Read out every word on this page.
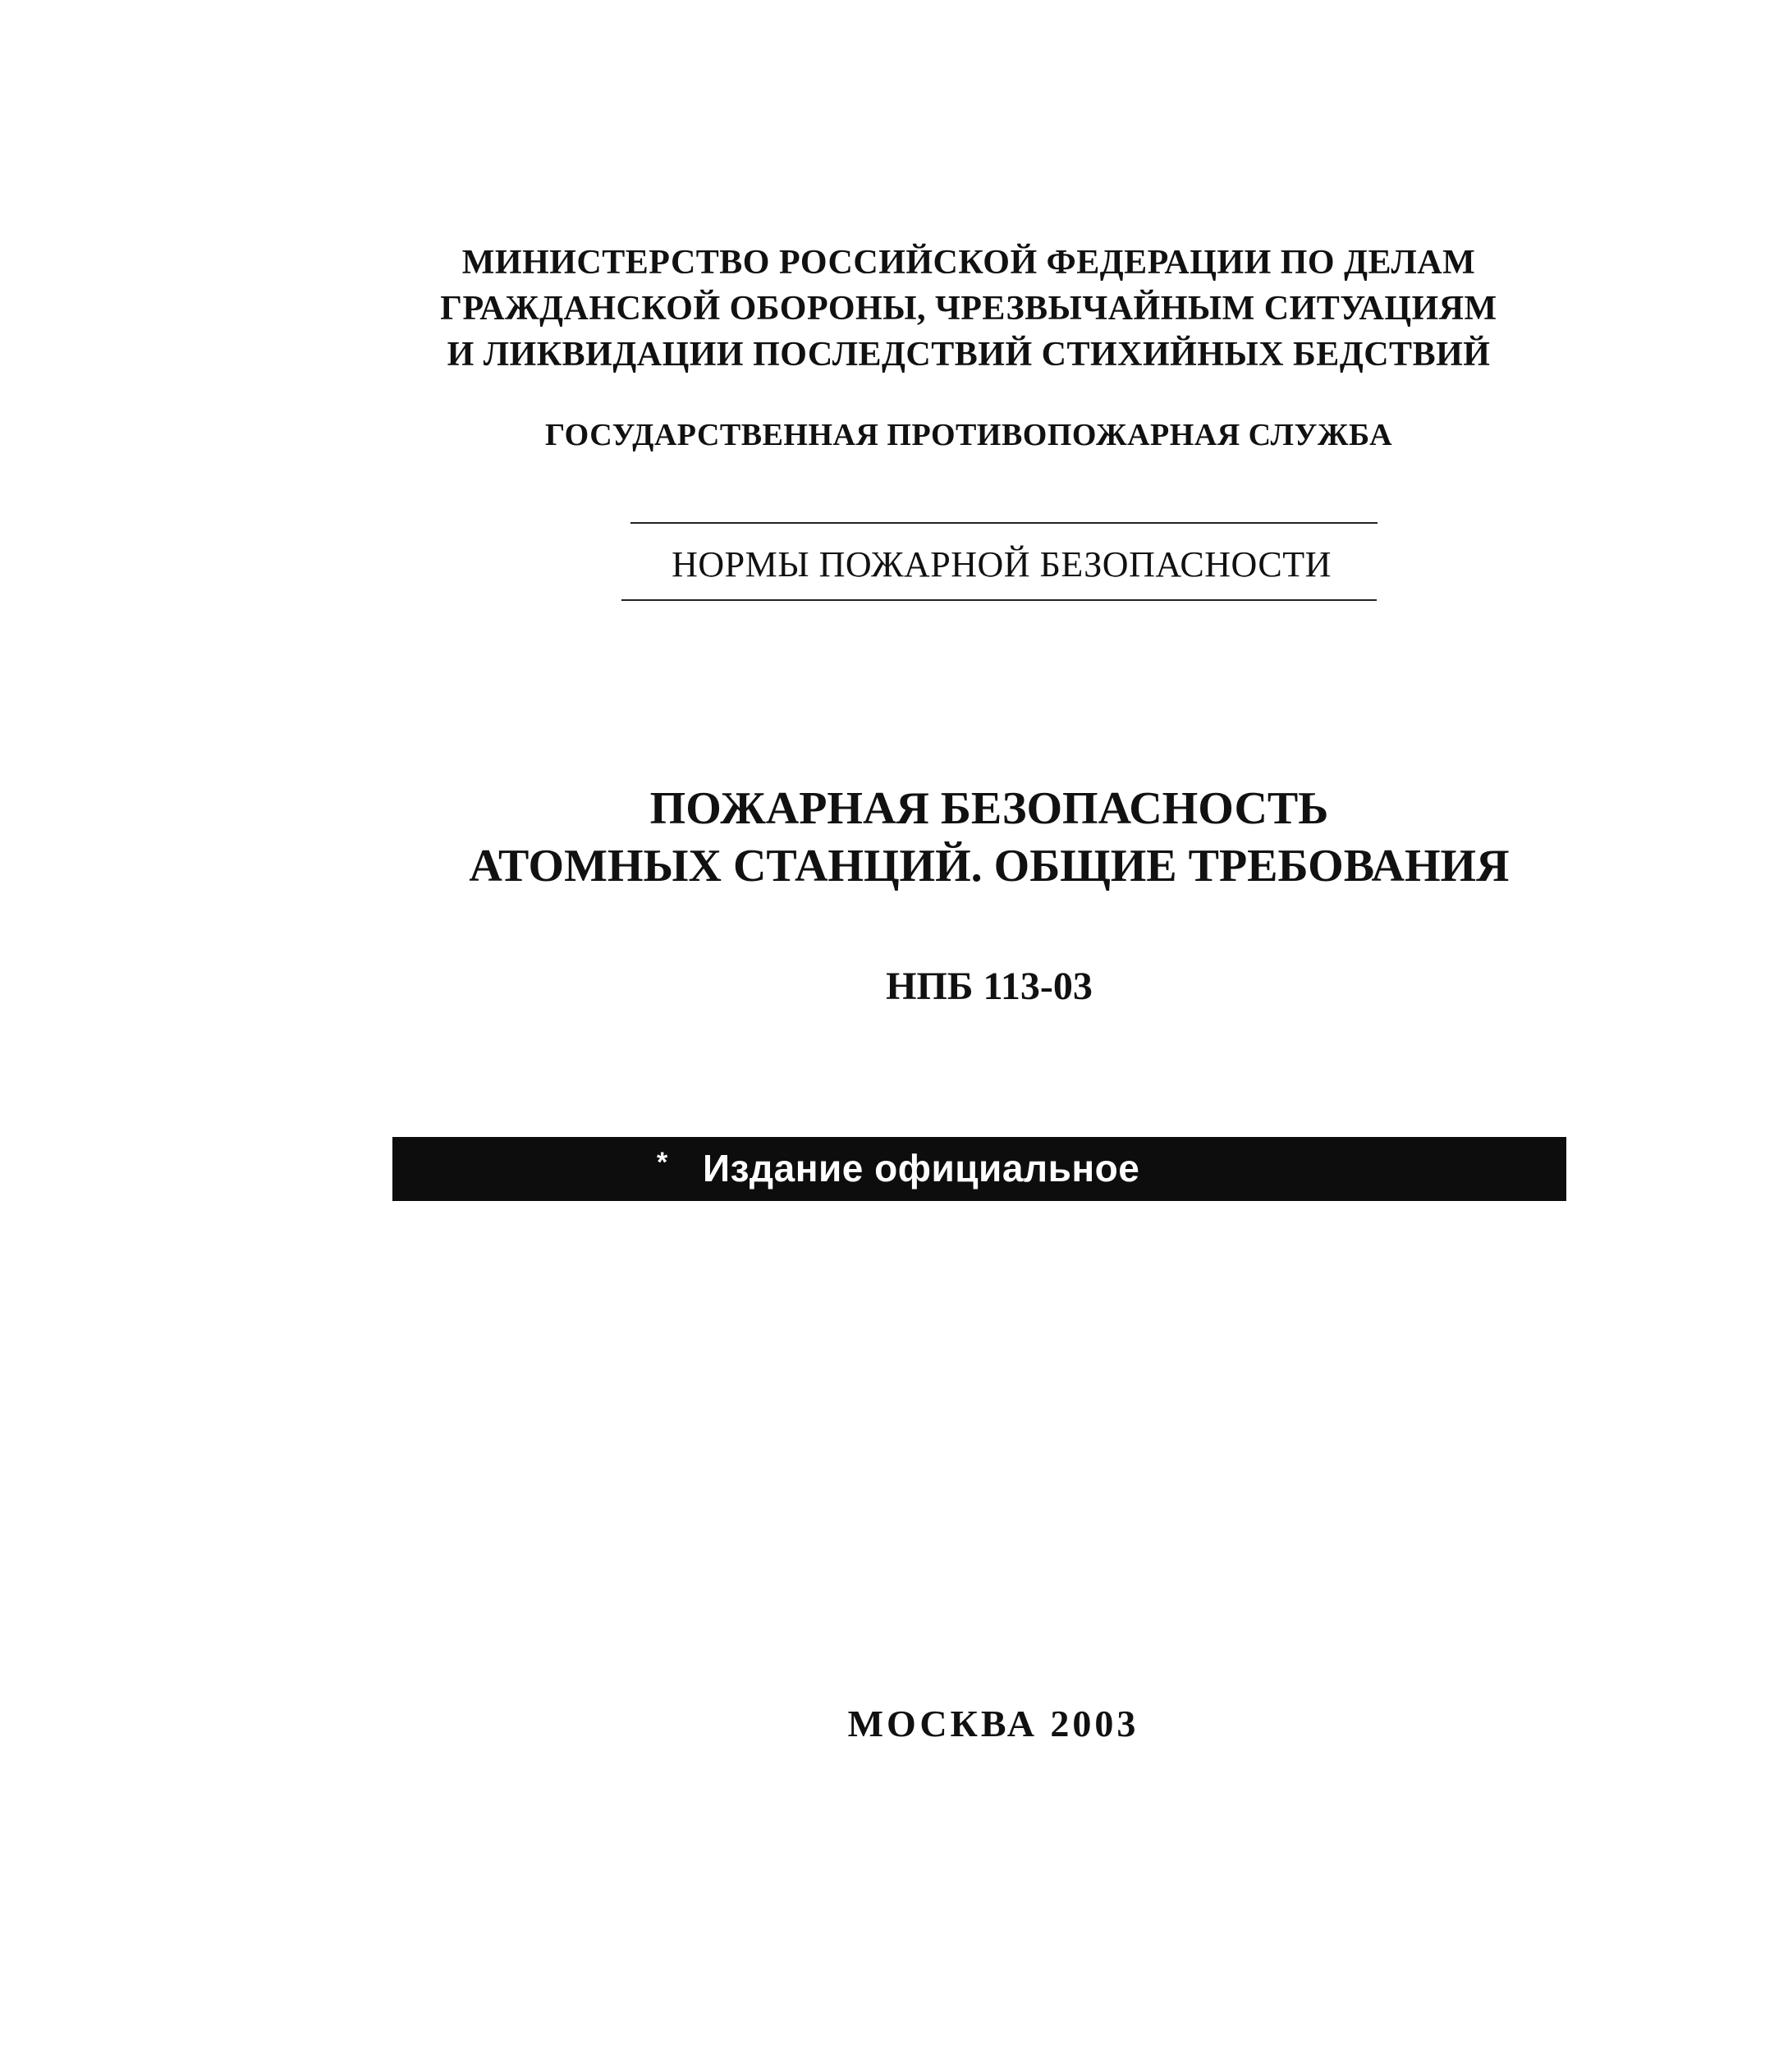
МИНИСТЕРСТВО РОССИЙСКОЙ ФЕДЕРАЦИИ ПО ДЕЛАМ
ГРАЖДАНСКОЙ ОБОРОНЫ, ЧРЕЗВЫЧАЙНЫМ СИТУАЦИЯМ
И ЛИКВИДАЦИИ ПОСЛЕДСТВИЙ СТИХИЙНЫХ БЕДСТВИЙ
ГОСУДАРСТВЕННАЯ ПРОТИВОПОЖАРНАЯ СЛУЖБА
НОРМЫ ПОЖАРНОЙ БЕЗОПАСНОСТИ
ПОЖАРНАЯ БЕЗОПАСНОСТЬ
АТОМНЫХ СТАНЦИЙ. ОБЩИЕ ТРЕБОВАНИЯ
НПБ 113-03
* Издание официальное
МОСКВА 2003
